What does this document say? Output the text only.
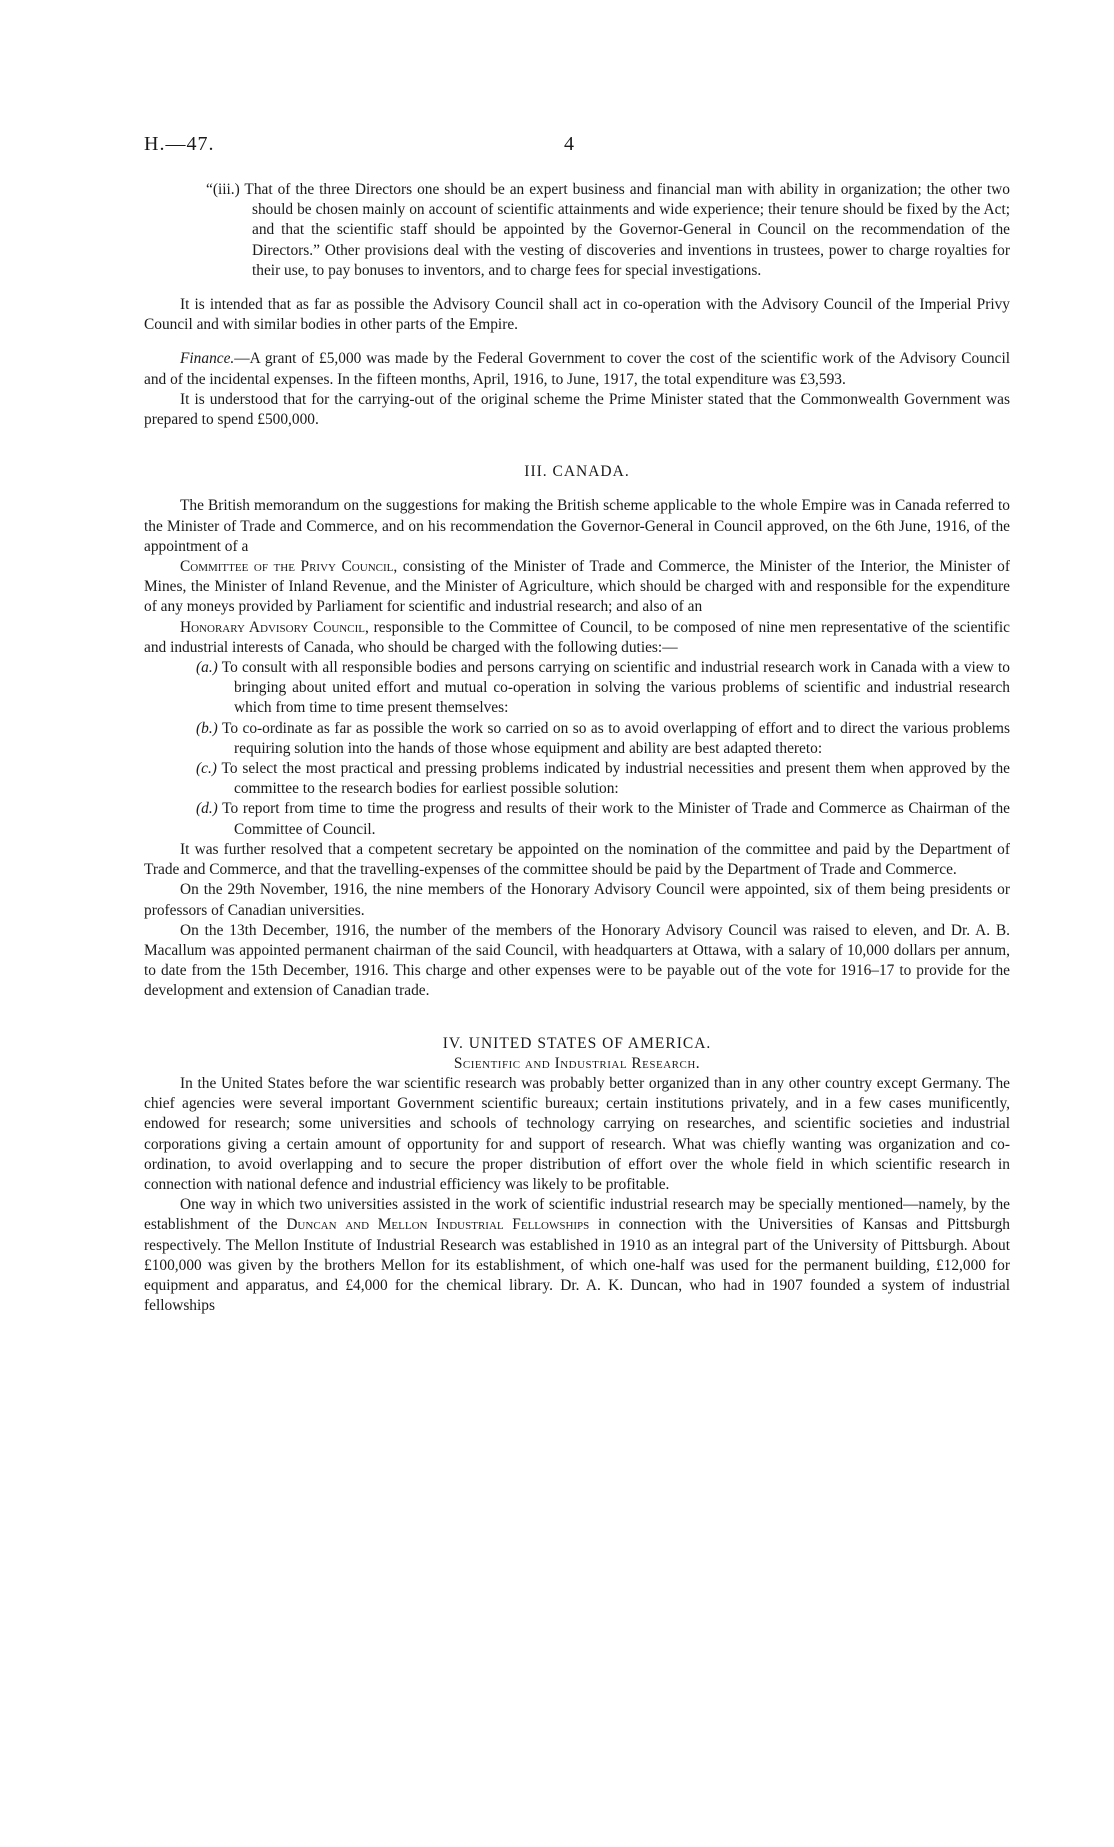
H.—47.	4

“(iii.) That of the three Directors one should be an expert business and financial man with ability in organization; the other two should be chosen mainly on account of scientific attainments and wide experience; their tenure should be fixed by the Act; and that the scientific staff should be appointed by the Governor-General in Council on the recommendation of the Directors.” Other provisions deal with the vesting of discoveries and inventions in trustees, power to charge royalties for their use, to pay bonuses to inventors, and to charge fees for special investigations.

It is intended that as far as possible the Advisory Council shall act in co-operation with the Advisory Council of the Imperial Privy Council and with similar bodies in other parts of the Empire.

Finance.—A grant of £5,000 was made by the Federal Government to cover the cost of the scientific work of the Advisory Council and of the incidental expenses. In the fifteen months, April, 1916, to June, 1917, the total expenditure was £3,593.

It is understood that for the carrying-out of the original scheme the Prime Minister stated that the Commonwealth Government was prepared to spend £500,000.

III. CANADA.

The British memorandum on the suggestions for making the British scheme applicable to the whole Empire was in Canada referred to the Minister of Trade and Commerce, and on his recommendation the Governor-General in Council approved, on the 6th June, 1916, of the appointment of a

Committee of the Privy Council, consisting of the Minister of Trade and Commerce, the Minister of the Interior, the Minister of Mines, the Minister of Inland Revenue, and the Minister of Agriculture, which should be charged with and responsible for the expenditure of any moneys provided by Parliament for scientific and industrial research; and also of an

Honorary Advisory Council, responsible to the Committee of Council, to be composed of nine men representative of the scientific and industrial interests of Canada, who should be charged with the following duties:—

(a.) To consult with all responsible bodies and persons carrying on scientific and industrial research work in Canada with a view to bringing about united effort and mutual co-operation in solving the various problems of scientific and industrial research which from time to time present themselves:

(b.) To co-ordinate as far as possible the work so carried on so as to avoid overlapping of effort and to direct the various problems requiring solution into the hands of those whose equipment and ability are best adapted thereto:

(c.) To select the most practical and pressing problems indicated by industrial necessities and present them when approved by the committee to the research bodies for earliest possible solution:

(d.) To report from time to time the progress and results of their work to the Minister of Trade and Commerce as Chairman of the Committee of Council.

It was further resolved that a competent secretary be appointed on the nomination of the committee and paid by the Department of Trade and Commerce, and that the travelling-expenses of the committee should be paid by the Department of Trade and Commerce.

On the 29th November, 1916, the nine members of the Honorary Advisory Council were appointed, six of them being presidents or professors of Canadian universities.

On the 13th December, 1916, the number of the members of the Honorary Advisory Council was raised to eleven, and Dr. A. B. Macallum was appointed permanent chairman of the said Council, with headquarters at Ottawa, with a salary of 10,000 dollars per annum, to date from the 15th December, 1916. This charge and other expenses were to be payable out of the vote for 1916–17 to provide for the development and extension of Canadian trade.

IV. UNITED STATES OF AMERICA.

Scientific and Industrial Research.

In the United States before the war scientific research was probably better organized than in any other country except Germany. The chief agencies were several important Government scientific bureaux; certain institutions privately, and in a few cases munificently, endowed for research; some universities and schools of technology carrying on researches, and scientific societies and industrial corporations giving a certain amount of opportunity for and support of research. What was chiefly wanting was organization and co-ordination, to avoid overlapping and to secure the proper distribution of effort over the whole field in which scientific research in connection with national defence and industrial efficiency was likely to be profitable.

One way in which two universities assisted in the work of scientific industrial research may be specially mentioned—namely, by the establishment of the Duncan and Mellon Industrial Fellowships in connection with the Universities of Kansas and Pittsburgh respectively. The Mellon Institute of Industrial Research was established in 1910 as an integral part of the University of Pittsburgh. About £100,000 was given by the brothers Mellon for its establishment, of which one-half was used for the permanent building, £12,000 for equipment and apparatus, and £4,000 for the chemical library. Dr. A. K. Duncan, who had in 1907 founded a system of industrial fellowships
